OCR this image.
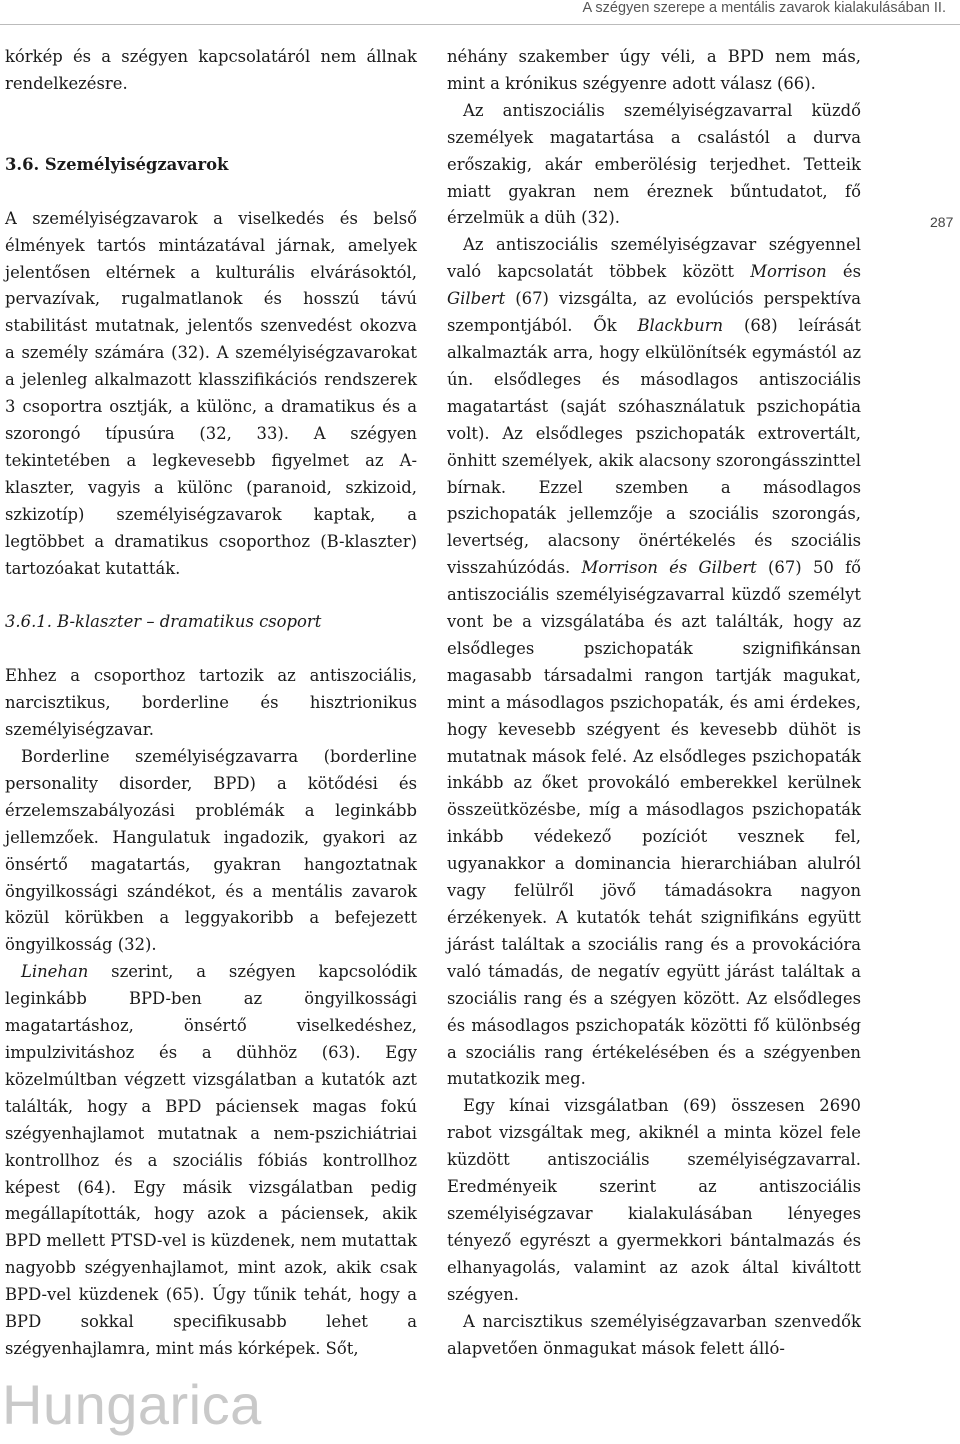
A szégyen szerepe a mentális zavarok kialakulásában II.

kórkép és a szégyen kapcsolatáról nem állnak rendelkezésre.

3.6. Személyiségzavarok

A személyiségzavarok a viselkedés és belső élmények tartós mintázatával járnak, amelyek jelentősen eltérnek a kulturális elvárásoktól, pervazívak, rugalmatlanok és hosszú távú stabilitást mutatnak, jelentős szenvedést okozva a személy számára (32). A személyiségzavarokat a jelenleg alkalmazott klasszifikációs rendszerek 3 csoportra osztják, a különc, a dramatikus és a szorongó típusúra (32, 33). A szégyen tekintetében a legkevesebb figyelmet az A-klaszter, vagyis a különc (paranoid, szkizoid, szkizotíp) személyiségzavarok kaptak, a legtöbbet a dramatikus csoporthoz (B-klaszter) tartozóakat kutatták.

3.6.1. B-klaszter – dramatikus csoport

Ehhez a csoporthoz tartozik az antiszociális, narcisztikus, borderline és hisztrionikus személyiségzavar.

Borderline személyiségzavarra (borderline personality disorder, BPD) a kötődési és érzelemszabályozási problémák a leginkább jellemzőek. Hangulatuk ingadozik, gyakori az önsértő magatartás, gyakran hangoztatnak öngyilkossági szándékot, és a mentális zavarok közül körükben a leggyakoribb a befejezett öngyilkosság (32).

Linehan szerint, a szégyen kapcsolódik leginkább BPD-ben az öngyilkossági magatartáshoz, önsértő viselkedéshez, impulzivitáshoz és a dühhöz (63). Egy közelmúltban végzett vizsgálatban a kutatók azt találták, hogy a BPD páciensek magas fokú szégyenhajlamot mutatnak a nem-pszichiátriai kontrollhoz és a szociális fóbiás kontrollhoz képest (64). Egy másik vizsgálatban pedig megállapították, hogy azok a páciensek, akik BPD mellett PTSD-vel is küzdenek, nem mutattak nagyobb szégyenhajlamot, mint azok, akik csak BPD-vel küzdenek (65). Úgy tűnik tehát, hogy a BPD sokkal specifikusabb lehet a szégyenhajlamra, mint más kórképek. Sőt,

287

néhány szakember úgy véli, a BPD nem más, mint a krónikus szégyenre adott válasz (66).

Az antiszociális személyiségzavarral küzdő személyek magatartása a csalástól a durva erőszakig, akár emberölésig terjedhet. Tetteik miatt gyakran nem éreznek bűntudatot, fő érzelmük a düh (32).

Az antiszociális személyiségzavar szégyennel való kapcsolatát többek között Morrison és Gilbert (67) vizsgálta, az evolúciós perspektíva szempontjából. Ők Blackburn (68) leírását alkalmazták arra, hogy elkülönítsék egymástól az ún. elsődleges és másodlagos antiszociális magatartást (saját szóhasználatuk pszichopátia volt). Az elsődleges pszichopaták extrovertált, önhitt személyek, akik alacsony szorongásszinttel bírnak. Ezzel szemben a másodlagos pszichopaták jellemzője a szociális szorongás, levertség, alacsony önértékelés és szociális visszahúzódás. Morrison és Gilbert (67) 50 fő antiszociális személyiségzavarral küzdő személyt vont be a vizsgálatába és azt találták, hogy az elsődleges pszichopaták szignifikánsan magasabb társadalmi rangon tartják magukat, mint a másodlagos pszichopaták, és ami érdekes, hogy kevesebb szégyent és kevesebb dühöt is mutatnak mások felé. Az elsődleges pszichopaták inkább az őket provokáló emberekkel kerülnek összeütközésbe, míg a másodlagos pszichopaták inkább védekező pozíciót vesznek fel, ugyanakkor a dominancia hierarchiában alulról vagy felülről jövő támadásokra nagyon érzékenyek. A kutatók tehát szignifikáns együtt járást találtak a szociális rang és a provokációra való támadás, de negatív együtt járást találtak a szociális rang és a szégyen között. Az elsődleges és másodlagos pszichopaták közötti fő különbség a szociális rang értékelésében és a szégyenben mutatkozik meg.

Egy kínai vizsgálatban (69) összesen 2690 rabot vizsgáltak meg, akiknél a minta közel fele küzdött antiszociális személyiségzavarral. Eredményeik szerint az antiszociális személyiségzavar kialakulásában lényeges tényező egyrészt a gyermekkori bántalmazás és elhanyagolás, valamint az azok által kiváltott szégyen.

A narcisztikus személyiségzavarban szenvedők alapvetően önmagukat mások felett álló-

Hungarica
